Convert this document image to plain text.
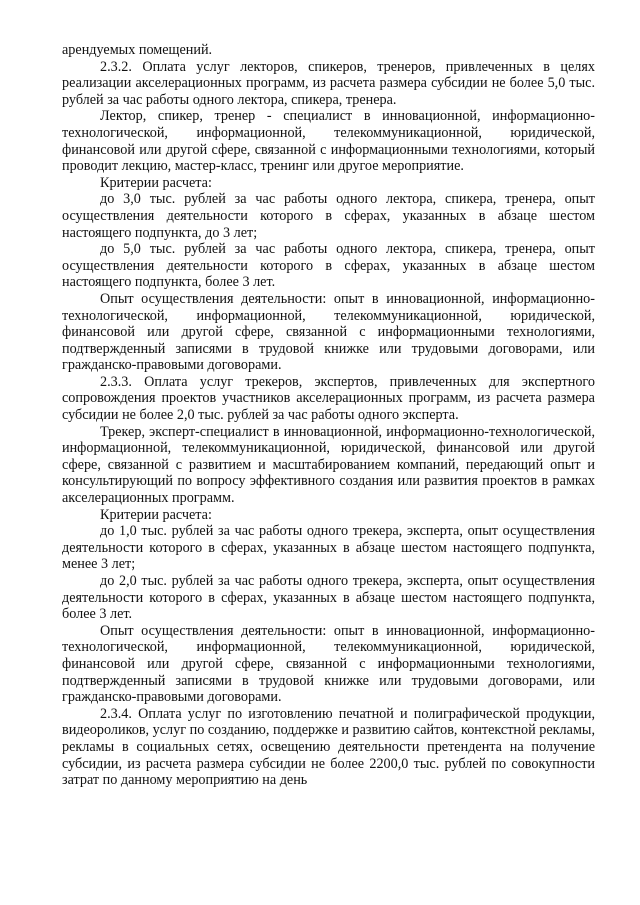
арендуемых помещений.

2.3.2. Оплата услуг лекторов, спикеров, тренеров, привлеченных в целях реализации акселерационных программ, из расчета размера субсидии не более 5,0 тыс. рублей за час работы одного лектора, спикера, тренера.

Лектор, спикер, тренер - специалист в инновационной, информационно-технологической, информационной, телекоммуникационной, юридической, финансовой или другой сфере, связанной с информационными технологиями, который проводит лекцию, мастер-класс, тренинг или другое мероприятие.

Критерии расчета:

до 3,0 тыс. рублей за час работы одного лектора, спикера, тренера, опыт осуществления деятельности которого в сферах, указанных в абзаце шестом настоящего подпункта, до 3 лет;

до 5,0 тыс. рублей за час работы одного лектора, спикера, тренера, опыт осуществления деятельности которого в сферах, указанных в абзаце шестом настоящего подпункта, более 3 лет.

Опыт осуществления деятельности: опыт в инновационной, информационно-технологической, информационной, телекоммуникационной, юридической, финансовой или другой сфере, связанной с информационными технологиями, подтвержденный записями в трудовой книжке или трудовыми договорами, или гражданско-правовыми договорами.

2.3.3. Оплата услуг трекеров, экспертов, привлеченных для экспертного сопровождения проектов участников акселерационных программ, из расчета размера субсидии не более 2,0 тыс. рублей за час работы одного эксперта.

Трекер, эксперт-специалист в инновационной, информационно-технологической, информационной, телекоммуникационной, юридической, финансовой или другой сфере, связанной с развитием и масштабированием компаний, передающий опыт и консультирующий по вопросу эффективного создания или развития проектов в рамках акселерационных программ.

Критерии расчета:

до 1,0 тыс. рублей за час работы одного трекера, эксперта, опыт осуществления деятельности которого в сферах, указанных в абзаце шестом настоящего подпункта, менее 3 лет;

до 2,0 тыс. рублей за час работы одного трекера, эксперта, опыт осуществления деятельности которого в сферах, указанных в абзаце шестом настоящего подпункта, более 3 лет.

Опыт осуществления деятельности: опыт в инновационной, информационно-технологической, информационной, телекоммуникационной, юридической, финансовой или другой сфере, связанной с информационными технологиями, подтвержденный записями в трудовой книжке или трудовыми договорами, или гражданско-правовыми договорами.

2.3.4. Оплата услуг по изготовлению печатной и полиграфической продукции, видеороликов, услуг по созданию, поддержке и развитию сайтов, контекстной рекламы, рекламы в социальных сетях, освещению деятельности претендента на получение субсидии, из расчета размера субсидии не более 2200,0 тыс. рублей по совокупности затрат по данному мероприятию на день
